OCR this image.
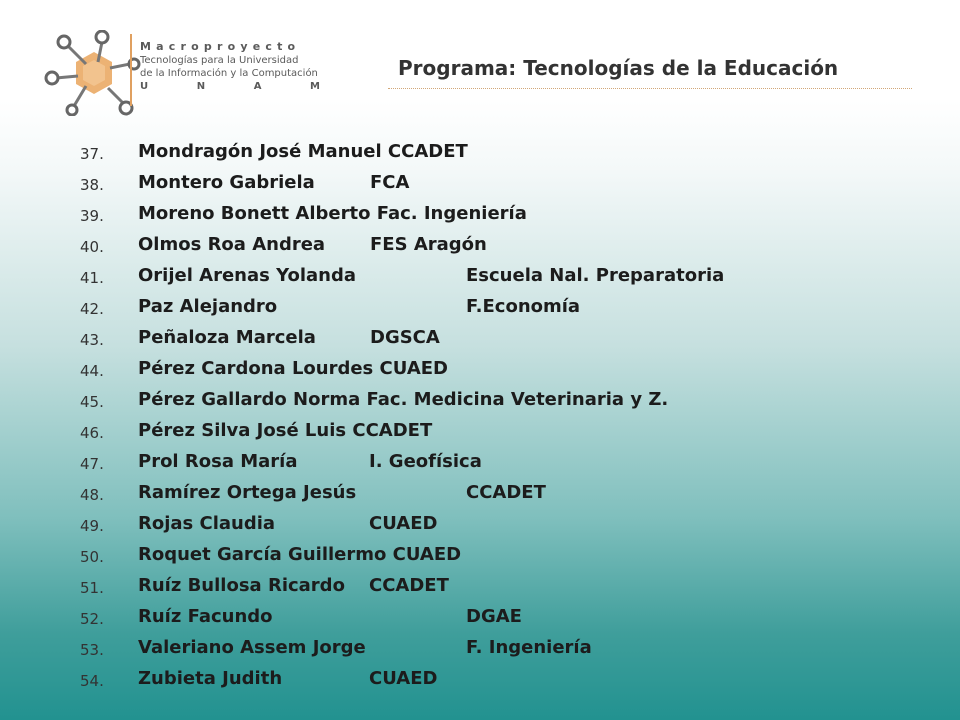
Macroproyecto
Tecnologías para la Universidad
de la Información y la Computación
U	N	A	M
Programa: Tecnologías de la Educación
37. Mondragón José Manuel CCADET
38. Montero Gabriela	FCA
39. Moreno Bonett Alberto Fac. Ingeniería
40. Olmos Roa Andrea FES Aragón
41. Orijel Arenas Yolanda	Escuela Nal. Preparatoria
42. Paz Alejandro	F.Economía
43. Peñaloza Marcela	DGSCA
44. Pérez Cardona Lourdes CUAED
45. Pérez Gallardo Norma Fac. Medicina Veterinaria y Z.
46. Pérez Silva José Luis CCADET
47. Prol Rosa María	I. Geofísica
48. Ramírez Ortega Jesús	CCADET
49. Rojas Claudia	CUAED
50. Roquet García Guillermo CUAED
51. Ruíz Bullosa Ricardo CCADET
52. Ruíz Facundo	DGAE
53. Valeriano Assem Jorge	F. Ingeniería
54. Zubieta Judith	CUAED
